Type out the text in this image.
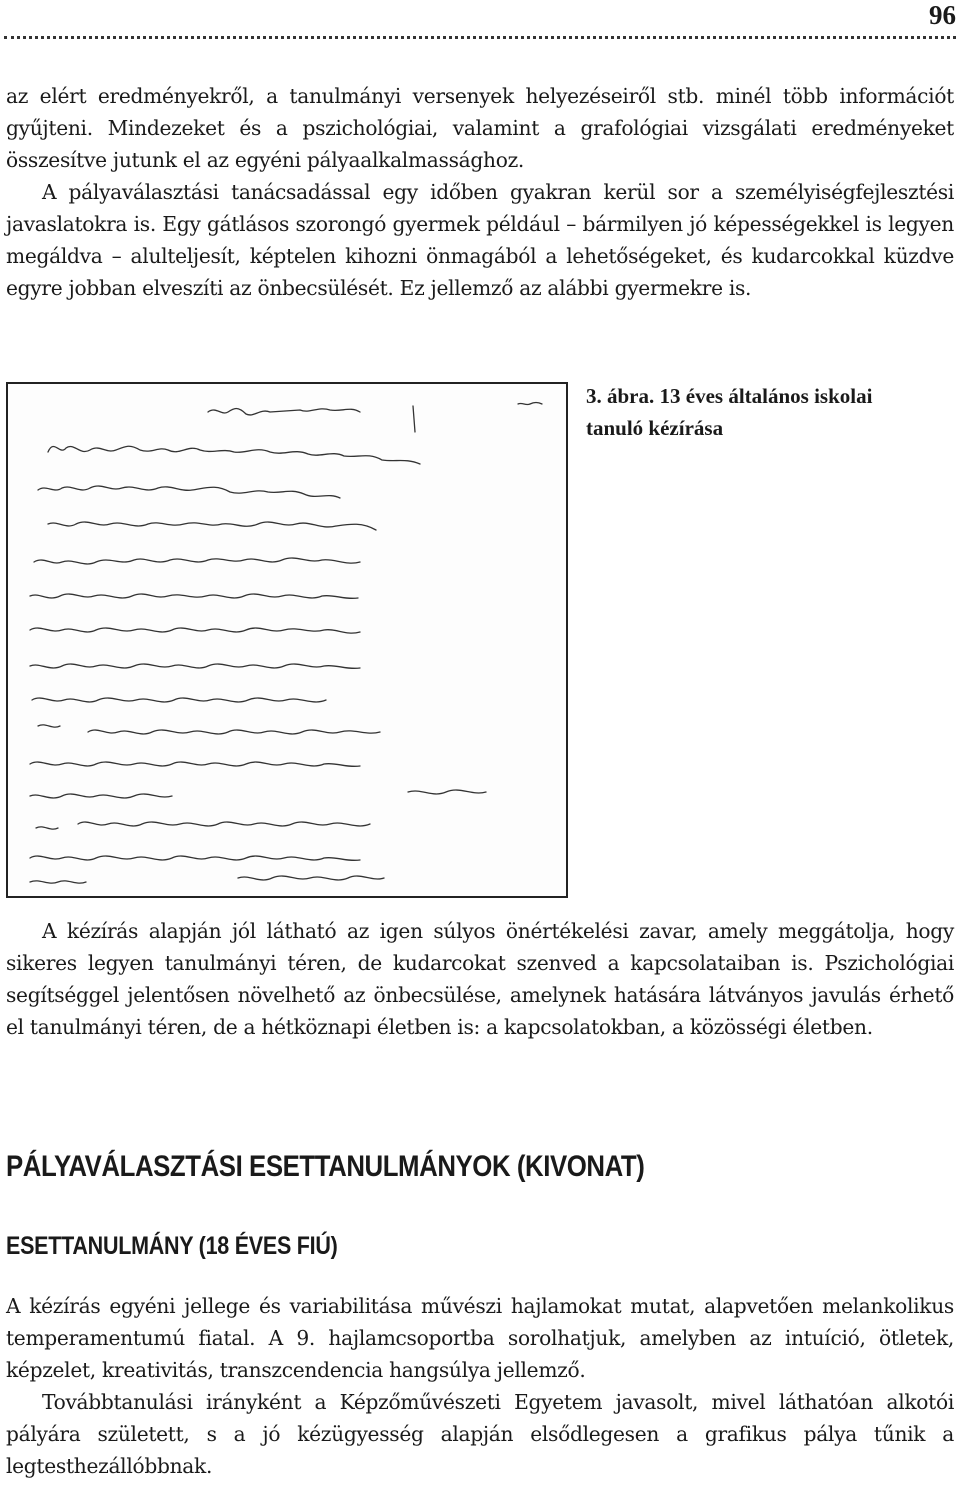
96

az elért eredményekről, a tanulmányi versenyek helyezéseiről stb. minél több információt gyűjteni. Mindezeket és a pszichológiai, valamint a grafológiai vizsgálati eredményeket összesítve jutunk el az egyéni pályaalkalmassághoz.

A pályaválasztási tanácsadással egy időben gyakran kerül sor a személyiségfejlesztési javaslatokra is. Egy gátlásos szorongó gyermek például – bármilyen jó képességekkel is legyen megáldva – alulteljesít, képtelen kihozni önmagából a lehetőségeket, és kudarcokkal küzdve egyre jobban elveszíti az önbecsülését. Ez jellemző az alábbi gyermekre is.

3. ábra. 13 éves általános iskolai tanuló kézírása

A kézírás alapján jól látható az igen súlyos önértékelési zavar, amely meggátolja, hogy sikeres legyen tanulmányi téren, de kudarcokat szenved a kapcsolataiban is. Pszichológiai segítséggel jelentősen növelhető az önbecsülése, amelynek hatására látványos javulás érhető el tanulmányi téren, de a hétköznapi életben is: a kapcsolatokban, a közösségi életben.

PÁLYAVÁLASZTÁSI ESETTANULMÁNYOK (KIVONAT)
ESETTANULMÁNY (18 ÉVES FIÚ)

A kézírás egyéni jellege és variabilitása művészi hajlamokat mutat, alapvetően melankolikus temperamentumú fiatal. A 9. hajlamcsoportba sorolhatjuk, amelyben az intuíció, ötletek, képzelet, kreativitás, transzcendencia hangsúlya jellemző.

Továbbtanulási irányként a Képzőművészeti Egyetem javasolt, mivel láthatóan alkotói pályára született, s a jó kézügyesség alapján elsődlegesen a grafikus pálya tűnik a legtesthezállóbbnak.
